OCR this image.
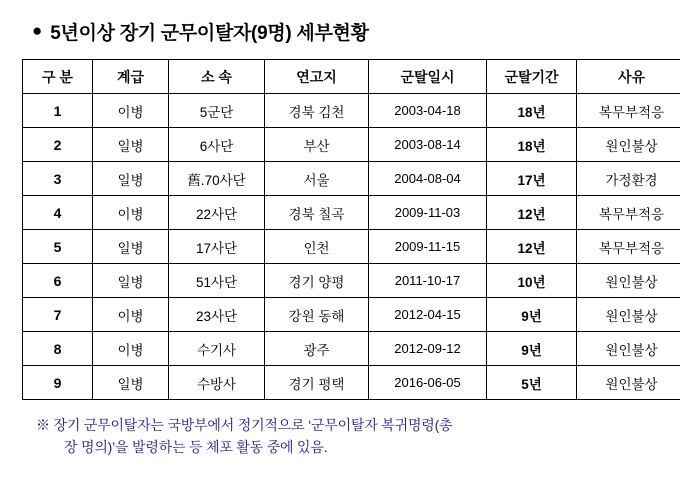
● 5년이상 장기 군무이탈자(9명) 세부현황
구 분	계급	소 속	연고지	군탈일시	군탈기간	사유
1	이병	5군단	경북 김천	2003-04-18	18년	복무부적응
2	일병	6사단	부산	2003-08-14	18년	원인불상
3	일병	舊.70사단	서울	2004-08-04	17년	가정환경
4	이병	22사단	경북 칠곡	2009-11-03	12년	복무부적응
5	일병	17사단	인천	2009-11-15	12년	복무부적응
6	일병	51사단	경기 양평	2011-10-17	10년	원인불상
7	이병	23사단	강원 동해	2012-04-15	9년	원인불상
8	이병	수기사	광주	2012-09-12	9년	원인불상
9	일병	수방사	경기 평택	2016-06-05	5년	원인불상
※ 장기 군무이탈자는 국방부에서 정기적으로 ‘군무이탈자 복귀명령(총
장 명의)’을 발령하는 등 체포 활동 중에 있음.
